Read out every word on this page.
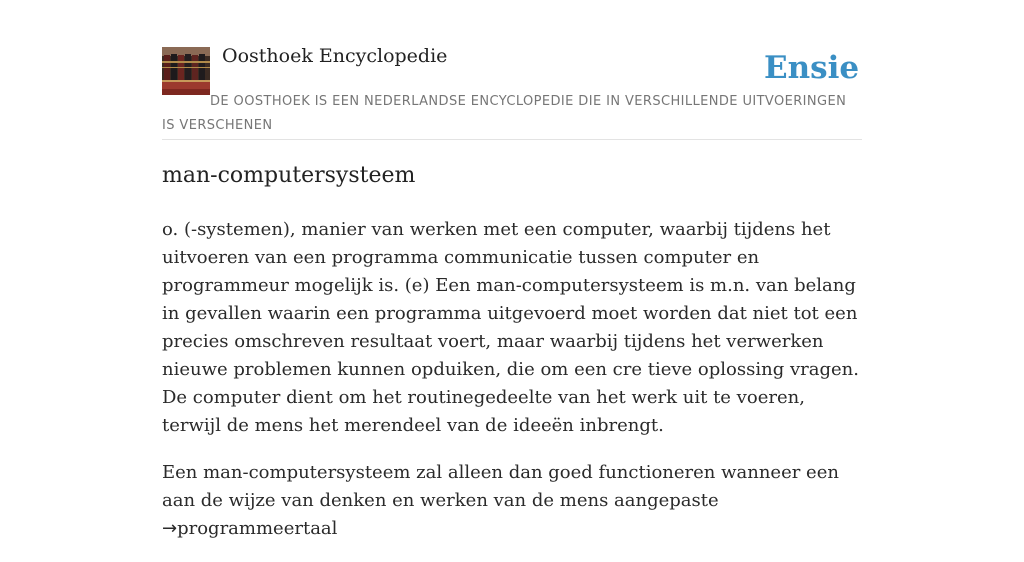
Oosthoek Encyclopedie	Ensie
DE OOSTHOEK IS EEN NEDERLANDSE ENCYCLOPEDIE DIE IN VERSCHILLENDE UITVOERINGEN IS VERSCHENEN
man-computersysteem

o. (-systemen), manier van werken met een computer, waarbij tijdens het uitvoeren van een programma communicatie tussen computer en programmeur mogelijk is. (e) Een man-computersysteem is m.n. van belang in gevallen waarin een programma uitgevoerd moet worden dat niet tot een precies omschreven resultaat voert, maar waarbij tijdens het verwerken nieuwe problemen kunnen opduiken, die om een cre tieve oplossing vragen. De computer dient om het routinegedeelte van het werk uit te voeren, terwijl de mens het merendeel van de ideeën inbrengt.

Een man-computersysteem zal alleen dan goed functioneren wanneer een aan de wijze van denken en werken van de mens aangepaste →programmeertaal
